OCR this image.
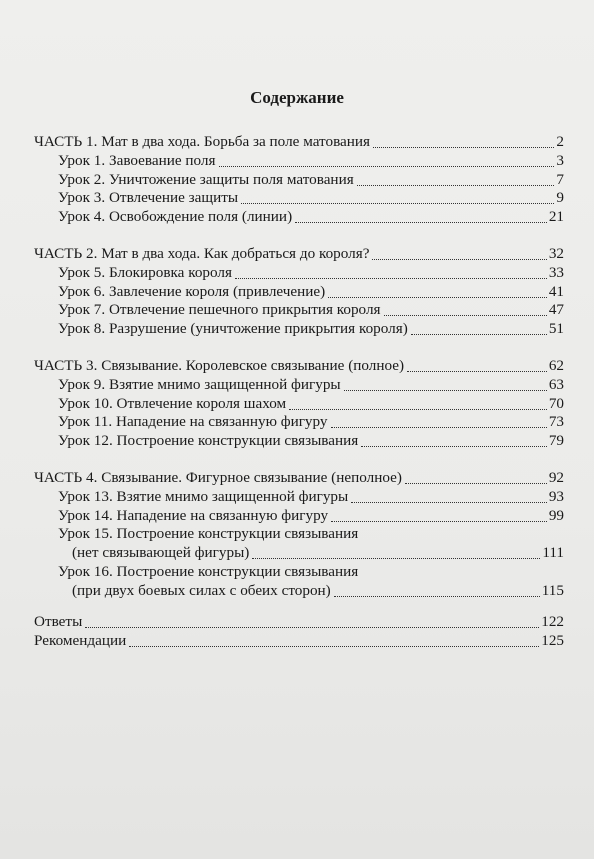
Содержание
ЧАСТЬ 1. Мат в два хода. Борьба за поле матования	2
Урок 1. Завоевание поля	3
Урок 2. Уничтожение защиты поля матования	7
Урок 3. Отвлечение защиты	9
Урок 4. Освобождение поля (линии)	21
ЧАСТЬ 2. Мат в два хода. Как добраться до короля?	32
Урок 5. Блокировка короля	33
Урок 6. Завлечение короля (привлечение)	41
Урок 7. Отвлечение пешечного прикрытия короля	47
Урок 8. Разрушение (уничтожение прикрытия короля)	51
ЧАСТЬ 3. Связывание. Королевское связывание (полное)	62
Урок 9. Взятие мнимо защищенной фигуры	63
Урок 10. Отвлечение короля шахом	70
Урок 11. Нападение на связанную фигуру	73
Урок 12. Построение конструкции связывания	79
ЧАСТЬ 4. Связывание. Фигурное связывание (неполное)	92
Урок 13. Взятие мнимо защищенной фигуры	93
Урок 14. Нападение на связанную фигуру	99
Урок 15. Построение конструкции связывания
(нет связывающей фигуры)	111
Урок 16. Построение конструкции связывания
(при двух боевых силах с обеих сторон)	115
Ответы	122
Рекомендации	125
